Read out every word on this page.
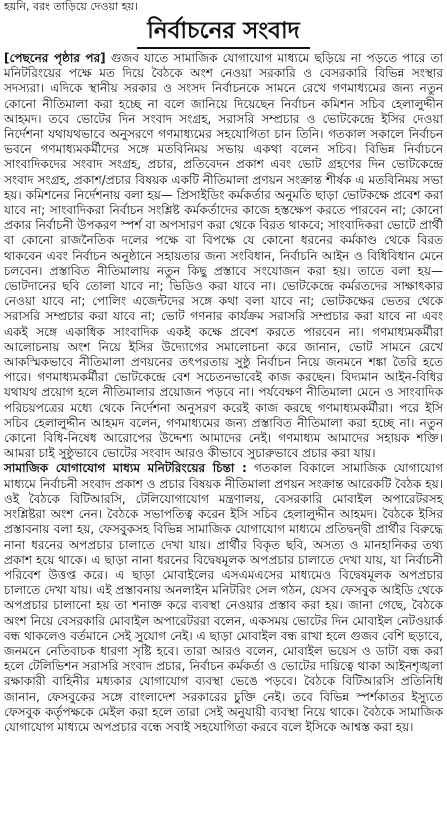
হয়নি, বরং তাড়িয়ে দেওয়া হয়।
নির্বাচনের সংবাদ

[পেছনের পৃষ্ঠার পর] গুজব যাতে সামাজিক যোগাযোগ মাধ্যমে ছড়িয়ে না পড়তে পারে তা মনিটরিংয়ের পক্ষে মত দিয়ে বৈঠকে অংশ নেওয়া সরকারি ও বেসরকারি বিভিন্ন সংস্থার সদস্যরা। এদিকে স্থানীয় সরকার ও সংসদ নির্বাচনকে সামনে রেখে গণমাধ্যমের জন্য নতুন কোনো নীতিমালা করা হচ্ছে না বলে জানিয়ে দিয়েছেন নির্বাচন কমিশন সচিব হেলালুদ্দীন আহমদ। তবে ভোটের দিন সংবাদ সংগ্রহ, সরাসরি সম্প্রচার ও ভোটকেন্দ্রে ইসির দেওয়া নির্দেশনা যথাযথভাবে অনুসরণে গণমাধ্যমের সহযোগিতা চান তিনি। গতকাল সকালে নির্বাচন ভবনে গণমাধ্যমকর্মীদের সঙ্গে মতবিনিময় সভায় একথা বলেন সচিব। বিভিন্ন নির্বাচনে সাংবাদিকদের সংবাদ সংগ্রহ, প্রচার, প্রতিবেদন প্রকাশ এবং ভোট গ্রহণের দিন ভোটকেন্দ্রে সংবাদ সংগ্রহ, প্রকাশ/প্রচার বিষয়ক একটি নীতিমালা প্রণয়ন সংক্রান্ত শীর্ষক এ মতবিনিময় সভা হয়। কমিশনের নির্দেশনায় বলা হয়— প্রিসাইডিং কর্মকর্তার অনুমতি ছাড়া ভোটকক্ষে প্রবেশ করা যাবে না; সাংবাদিকরা নির্বাচন সংশ্লিষ্ট কর্মকর্তাদের কাজে হস্তক্ষেপ করতে পারবেন না; কোনো প্রকার নির্বাচনী উপকরণ স্পর্শ বা অপসারণ করা থেকে বিরত থাকবে; সাংবাদিকরা ভোটে প্রার্থী বা কোনো রাজনৈতিক দলের পক্ষে বা বিপক্ষে যে কোনো ধরনের কর্মকাণ্ড থেকে বিরত থাকবেন এবং নির্বাচন অনুষ্ঠানে সহায়তার জন্য সংবিধান, নির্বাচনি আইন ও বিধিবিধান মেনে চলবেন। প্রস্তাবিত নীতিমালায় নতুন কিছু প্রস্তাবে সংযোজন করা হয়। তাতে বলা হয়— ভোটদানের ছবি তোলা যাবে না; ভিডিও করা যাবে না। ভোটকেন্দ্রে কর্মরতদের সাক্ষাৎকার নেওয়া যাবে না; পোলিং এজেন্টদের সঙ্গে কথা বলা যাবে না; ভোটকক্ষের ভেতর থেকে সরাসরি সম্প্রচার করা যাবে না; ভোট গণনার কার্যক্রম সরাসরি সম্প্রচার করা যাবে না এবং একই সঙ্গে একাধিক সাংবাদিক একই কক্ষে প্রবেশ করতে পারবেন না। গণমাধ্যমকর্মীরা আলোচনায় অংশ নিয়ে ইসির উদ্যোগের সমালোচনা করে জানান, ভোট সামনে রেখে আকস্মিকভাবে নীতিমালা প্রণয়নের তৎপরতায় সুষ্ঠু নির্বাচন নিয়ে জনমনে শঙ্কা তৈরি হতে পারে। গণমাধ্যমকর্মীরা ভোটকেন্দ্রে বেশ সচেতনভাবেই কাজ করছেন। বিদ্যমান আইন-বিধির যথাযথ প্রয়োগ হলে নীতিমালার প্রয়োজন পড়বে না। পর্যবেক্ষণ নীতিমালা মেনে ও সাংবাদিক পরিচয়পত্রের মধ্যে থেকে নির্দেশনা অনুসরণ করেই কাজ করছে গণমাধ্যমকর্মীরা। পরে ইসি সচিব হেলালুদ্দীন আহমদ বলেন, গণমাধ্যমের জন্য প্রস্তাবিত নীতিমালা করা হচ্ছে না। নতুন কোনো বিধি-নিষেধ আরোপের উদ্দেশ্য আমাদের নেই। গণমাধ্যম আমাদের সহায়ক শক্তি। আমরা চাই সুষ্ঠুভাবে ভোটের সংবাদ আরও কীভাবে সুচারুভাবে প্রচার করা যায়।

সামাজিক যোগাযোগ মাধ্যম মনিটরিংয়ের চিন্তা : গতকাল বিকালে সামাজিক যোগাযোগ মাধ্যমে নির্বাচনী সংবাদ প্রকাশ ও প্রচার বিষয়ক নীতিমালা প্রণয়ন সংক্রান্ত আরেকটি বৈঠক হয়। ওই বৈঠকে বিটিআরসি, টেলিযোগাযোগ মন্ত্রণালয়, বেসরকারি মোবাইল অপারেটরসহ সংশ্লিষ্টরা অংশ নেন। বৈঠকে সভাপতিত্ব করেন ইসি সচিব হেলালুদ্দীন আহমদ। বৈঠকে ইসির প্রস্তাবনায় বলা হয়, ফেসবুকসহ বিভিন্ন সামাজিক যোগাযোগ মাধ্যমে প্রতিদ্বন্দ্বী প্রার্থীর বিরুদ্ধে নানা ধরনের অপপ্রচার চালাতে দেখা যায়। প্রার্থীর বিকৃত ছবি, অসত্য ও মানহানিকর তথ্য প্রকাশ হয়ে থাকে। এ ছাড়া নানা ধরনের বিদ্বেষমূলক অপপ্রচার চালাতে দেখা যায়, যা নির্বাচনী পরিবেশ উত্তপ্ত করে। এ ছাড়া মোবাইলের এসএমএসের মাধ্যমেও বিদ্বেষমূলক অপপ্রচার চালাতে দেখা যায়। এই প্রস্তাবনায় অনলাইন মনিটরিং সেল গঠন, যেসব ফেসবুক আইডি থেকে অপপ্রচার চালানো হয় তা শনাক্ত করে ব্যবস্থা নেওয়ার প্রস্তাব করা হয়। জানা গেছে, বৈঠকে অংশ নিয়ে বেসরকারি মোবাইল অপারেটররা বলেন, একসময় ভোটের দিন মোবাইল নেটওয়ার্ক বন্ধ থাকলেও বর্তমানে সেই সুযোগ নেই। এ ছাড়া মোবাইল বন্ধ রাখা হলে গুজব বেশি ছড়াবে, জনমনে নেতিবাচক ধারণা সৃষ্টি হবে। তারা আরও বলেন, মোবাইল ভয়েস ও ডাটা বন্ধ করা হলে টেলিভিশন সরাসরি সংবাদ প্রচার, নির্বাচন কর্মকর্তা ও ভোটের দায়িত্বে থাকা আইনশৃঙ্খলা রক্ষাকারী বাহিনীর মধ্যকার যোগাযোগ ব্যবস্থা ভেঙে পড়বে। বৈঠকে বিটিআরসি প্রতিনিধি জানান, ফেসবুকের সঙ্গে বাংলাদেশ সরকারের চুক্তি নেই। তবে বিভিন্ন স্পর্শকাতর ইস্যুতে ফেসবুক কর্তৃপক্ষকে মেইল করা হলে তারা সেই অনুযায়ী ব্যবস্থা নিয়ে থাকে। বৈঠকে সামাজিক যোগাযোগ মাধ্যমে অপপ্রচার বন্ধে সবাই সহযোগিতা করবে বলে ইসিকে আশ্বস্ত করা হয়।
